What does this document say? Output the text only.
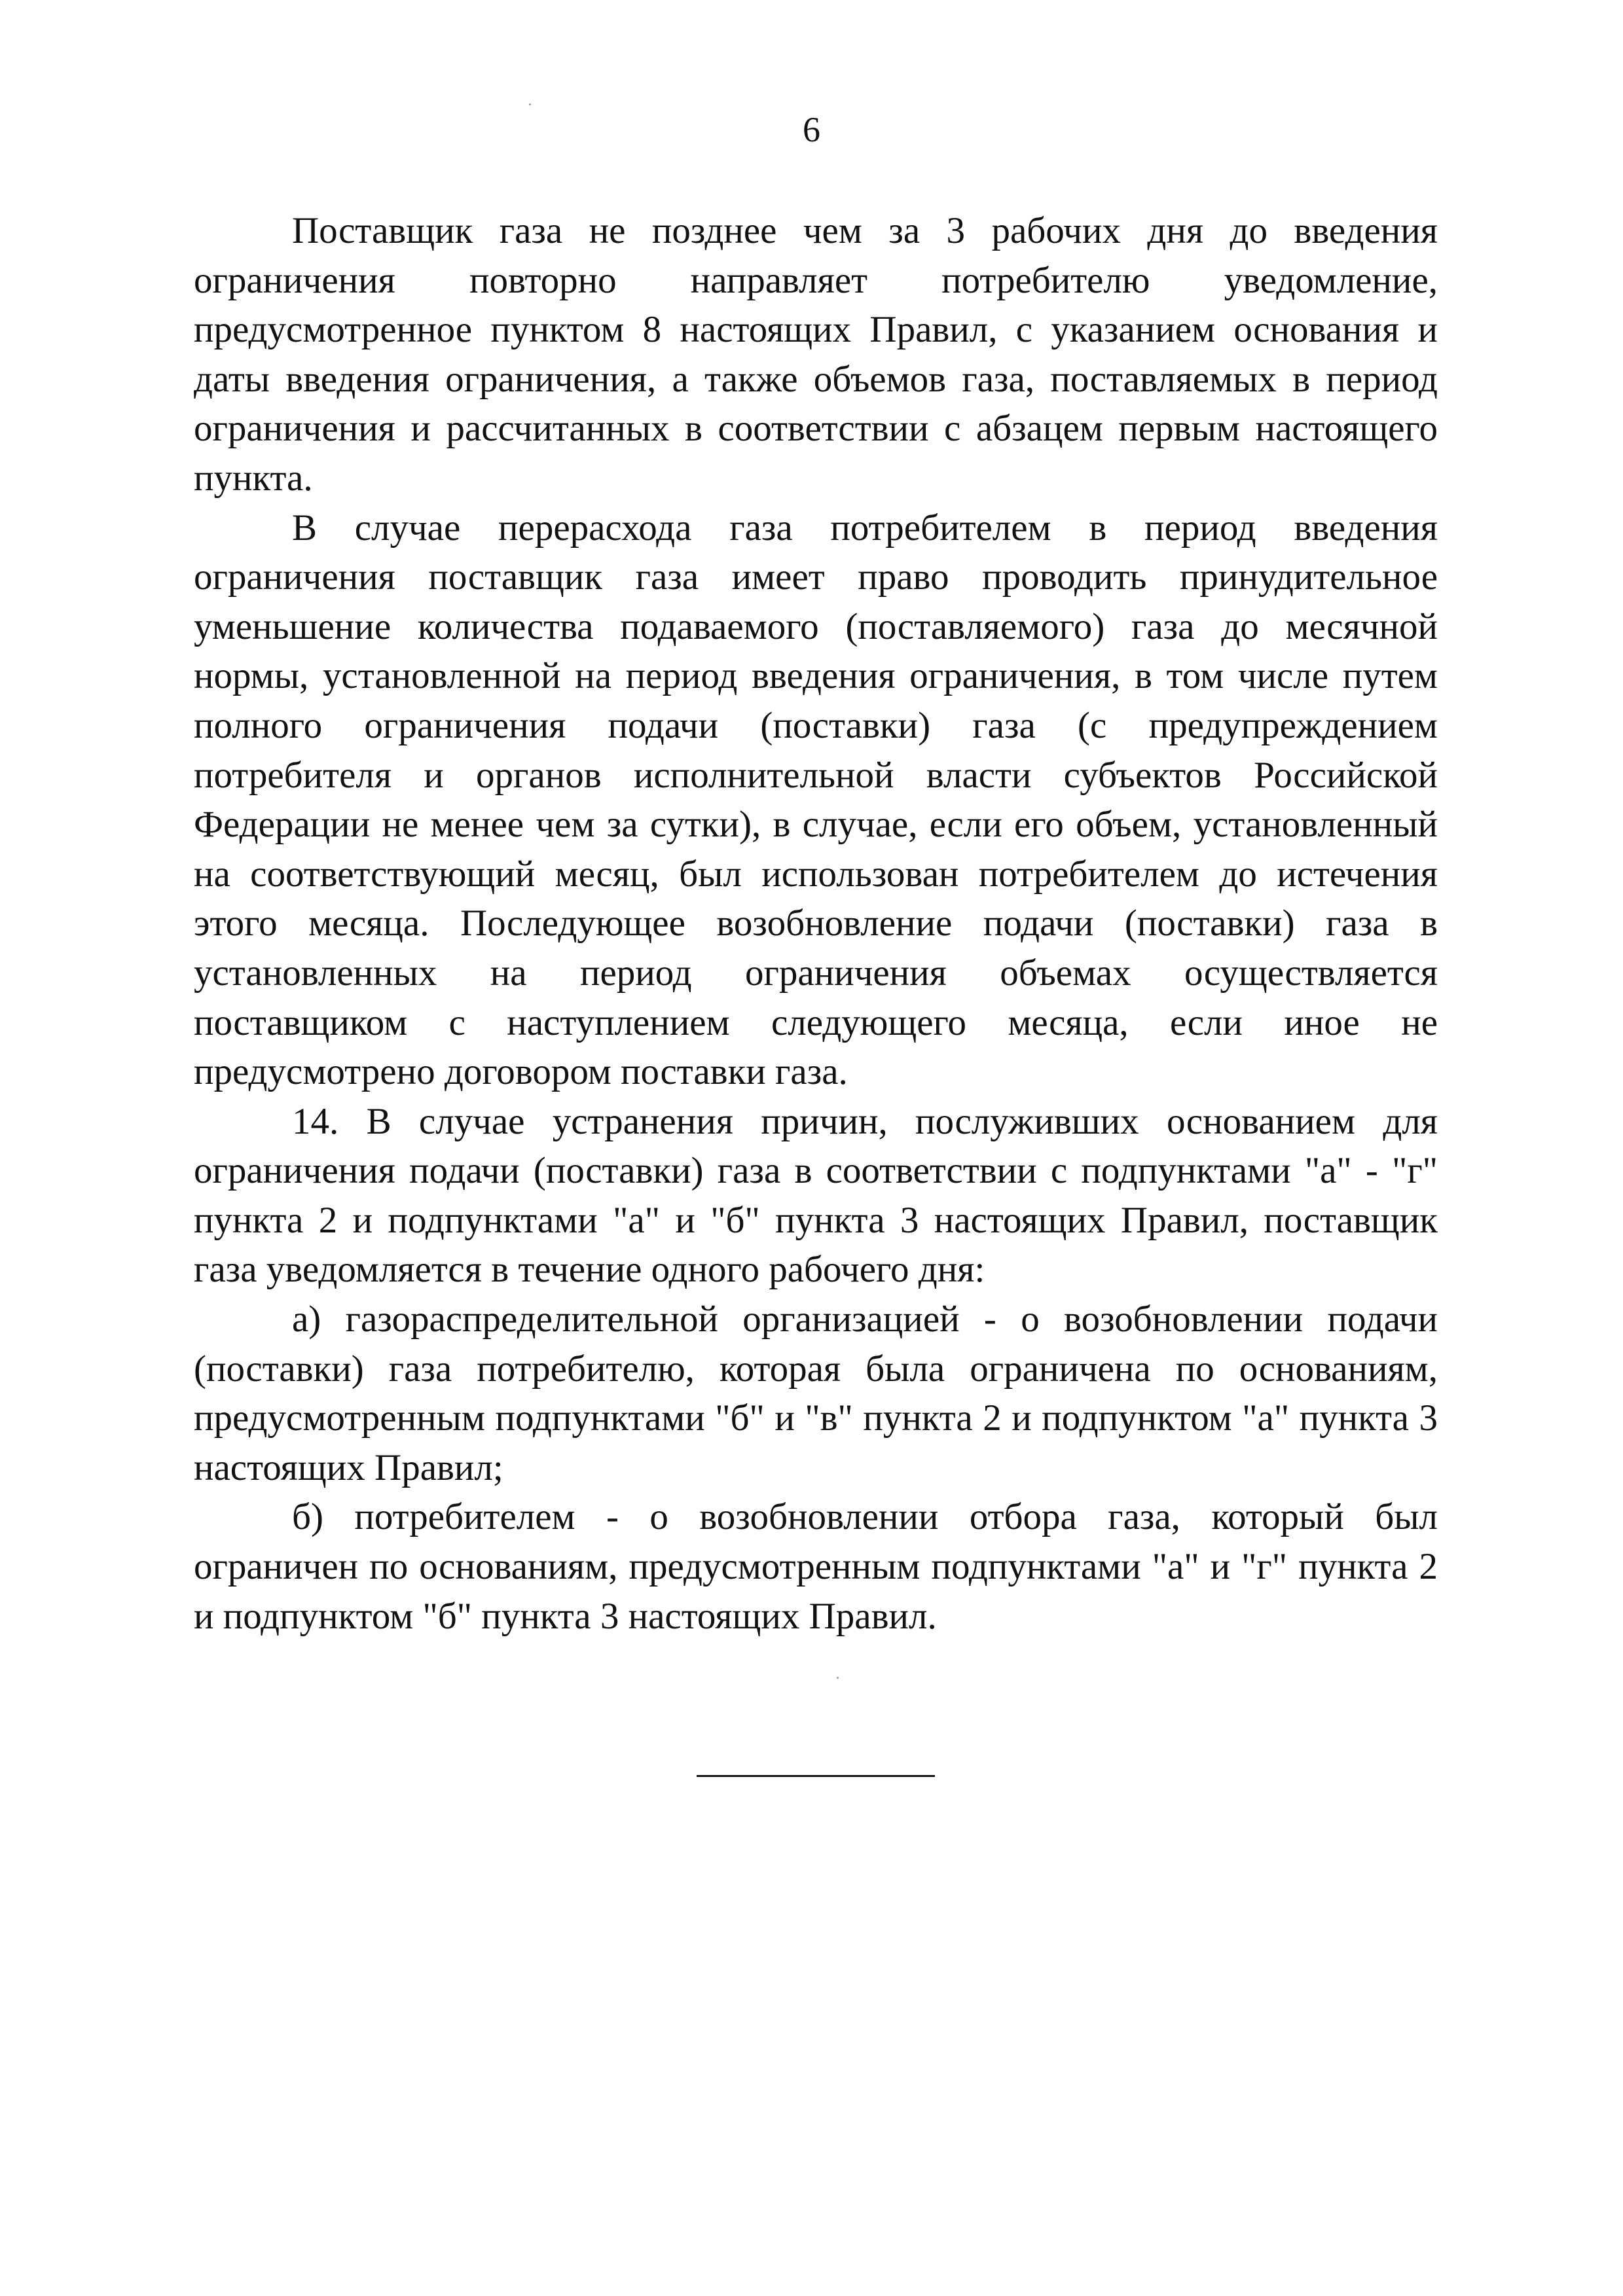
6

Поставщик газа не позднее чем за 3 рабочих дня до введения ограничения повторно направляет потребителю уведомление, предусмотренное пунктом 8 настоящих Правил, с указанием основания и даты введения ограничения, а также объемов газа, поставляемых в период ограничения и рассчитанных в соответствии с абзацем первым настоящего пункта.

В случае перерасхода газа потребителем в период введения ограничения поставщик газа имеет право проводить принудительное уменьшение количества подаваемого (поставляемого) газа до месячной нормы, установленной на период введения ограничения, в том числе путем полного ограничения подачи (поставки) газа (с предупреждением потребителя и органов исполнительной власти субъектов Российской Федерации не менее чем за сутки), в случае, если его объем, установленный на соответствующий месяц, был использован потребителем до истечения этого месяца. Последующее возобновление подачи (поставки) газа в установленных на период ограничения объемах осуществляется поставщиком с наступлением следующего месяца, если иное не предусмотрено договором поставки газа.

14. В случае устранения причин, послуживших основанием для ограничения подачи (поставки) газа в соответствии с подпунктами "а" - "г" пункта 2 и подпунктами "а" и "б" пункта 3 настоящих Правил, поставщик газа уведомляется в течение одного рабочего дня:

а) газораспределительной организацией - о возобновлении подачи (поставки) газа потребителю, которая была ограничена по основаниям, предусмотренным подпунктами "б" и "в" пункта 2 и подпунктом "а" пункта 3 настоящих Правил;

б) потребителем - о возобновлении отбора газа, который был ограничен по основаниям, предусмотренным подпунктами "а" и "г" пункта 2 и подпунктом "б" пункта 3 настоящих Правил.
